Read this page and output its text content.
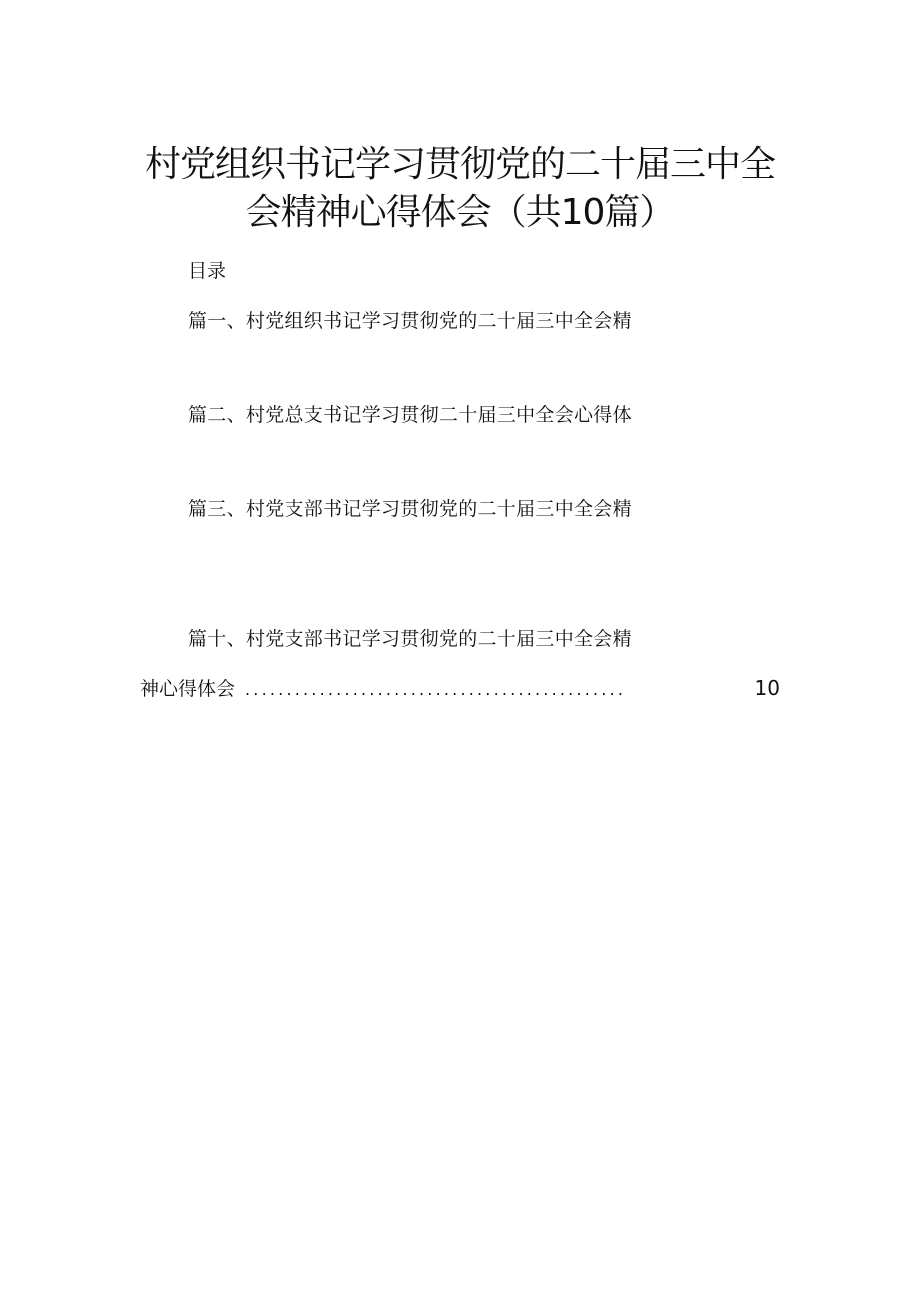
村党组织书记学习贯彻党的二十届三中全
会精神心得体会（共10篇）
目录
篇一、村党组织书记学习贯彻党的二十届三中全会精
篇二、村党总支书记学习贯彻二十届三中全会心得体
篇三、村党支部书记学习贯彻党的二十届三中全会精
篇十、村党支部书记学习贯彻党的二十届三中全会精
神心得体会 ..............................................	10
